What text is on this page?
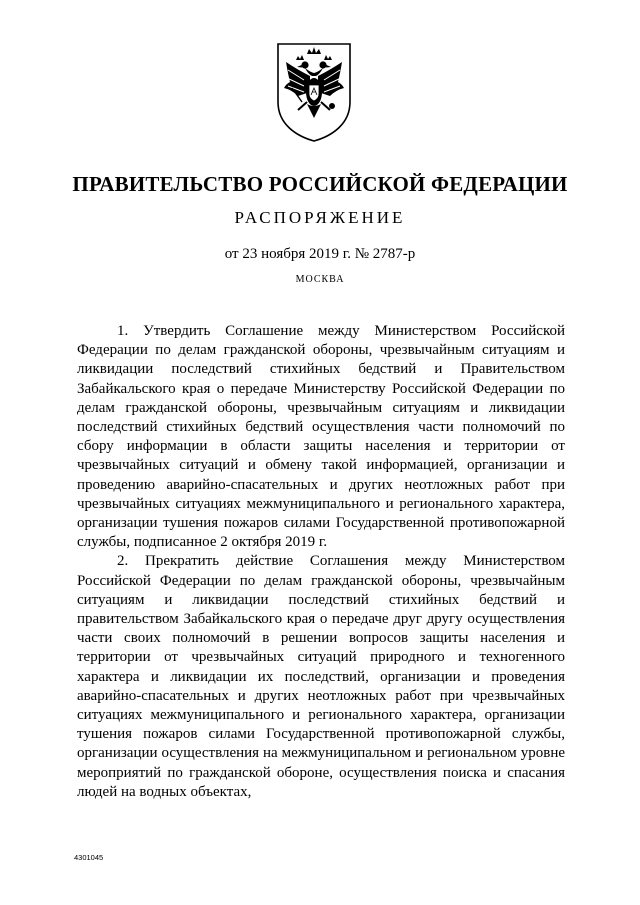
ПРАВИТЕЛЬСТВО РОССИЙСКОЙ ФЕДЕРАЦИИ
РАСПОРЯЖЕНИЕ
от 23 ноября 2019 г. № 2787-р
МОСКВА

1. Утвердить Соглашение между Министерством Российской Федерации по делам гражданской обороны, чрезвычайным ситуациям и ликвидации последствий стихийных бедствий и Правительством Забайкальского края о передаче Министерству Российской Федерации по делам гражданской обороны, чрезвычайным ситуациям и ликвидации последствий стихийных бедствий осуществления части полномочий по сбору информации в области защиты населения и территории от чрезвычайных ситуаций и обмену такой информацией, организации и проведению аварийно-спасательных и других неотложных работ при чрезвычайных ситуациях межмуниципального и регионального характера, организации тушения пожаров силами Государственной противопожарной службы, подписанное 2 октября 2019 г.

2. Прекратить действие Соглашения между Министерством Российской Федерации по делам гражданской обороны, чрезвычайным ситуациям и ликвидации последствий стихийных бедствий и правительством Забайкальского края о передаче друг другу осуществления части своих полномочий в решении вопросов защиты населения и территории от чрезвычайных ситуаций природного и техногенного характера и ликвидации их последствий, организации и проведения аварийно-спасательных и других неотложных работ при чрезвычайных ситуациях межмуниципального и регионального характера, организации тушения пожаров силами Государственной противопожарной службы, организации осуществления на межмуниципальном и региональном уровне мероприятий по гражданской обороне, осуществления поиска и спасания людей на водных объектах,

4301045
